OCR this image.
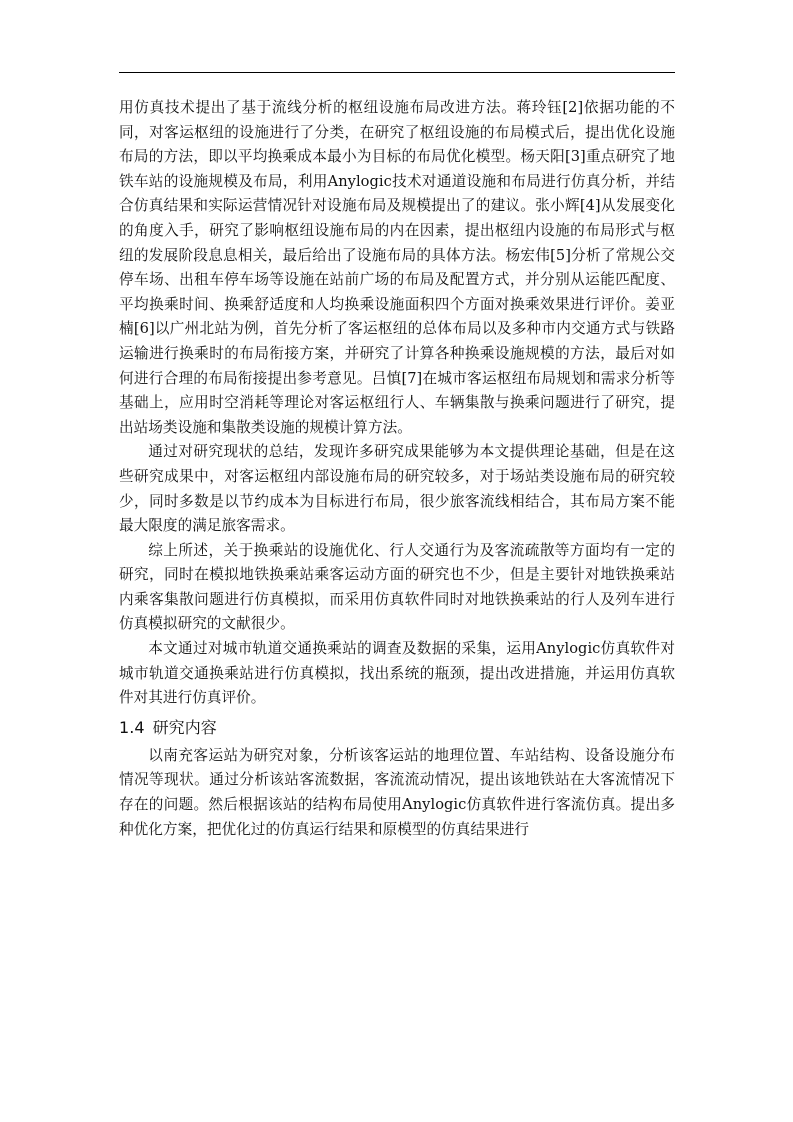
用仿真技术提出了基于流线分析的枢纽设施布局改进方法。蒋玲钰[2]依据功能的不同，对客运枢纽的设施进行了分类，在研究了枢纽设施的布局模式后，提出优化设施布局的方法，即以平均换乘成本最小为目标的布局优化模型。杨天阳[3]重点研究了地铁车站的设施规模及布局，利用Anylogic技术对通道设施和布局进行仿真分析，并结合仿真结果和实际运营情况针对设施布局及规模提出了的建议。张小辉[4]从发展变化的角度入手，研究了影响枢纽设施布局的内在因素，提出枢纽内设施的布局形式与枢纽的发展阶段息息相关，最后给出了设施布局的具体方法。杨宏伟[5]分析了常规公交停车场、出租车停车场等设施在站前广场的布局及配置方式，并分别从运能匹配度、平均换乘时间、换乘舒适度和人均换乘设施面积四个方面对换乘效果进行评价。姜亚楠[6]以广州北站为例，首先分析了客运枢纽的总体布局以及多种市内交通方式与铁路运输进行换乘时的布局衔接方案，并研究了计算各种换乘设施规模的方法，最后对如何进行合理的布局衔接提出参考意见。吕慎[7]在城市客运枢纽布局规划和需求分析等基础上，应用时空消耗等理论对客运枢纽行人、车辆集散与换乘问题进行了研究，提出站场类设施和集散类设施的规模计算方法。

通过对研究现状的总结，发现许多研究成果能够为本文提供理论基础，但是在这些研究成果中，对客运枢纽内部设施布局的研究较多，对于场站类设施布局的研究较少，同时多数是以节约成本为目标进行布局，很少旅客流线相结合，其布局方案不能最大限度的满足旅客需求。

综上所述，关于换乘站的设施优化、行人交通行为及客流疏散等方面均有一定的研究，同时在模拟地铁换乘站乘客运动方面的研究也不少，但是主要针对地铁换乘站内乘客集散问题进行仿真模拟，而采用仿真软件同时对地铁换乘站的行人及列车进行仿真模拟研究的文献很少。

本文通过对城市轨道交通换乘站的调查及数据的采集，运用Anylogic仿真软件对城市轨道交通换乘站进行仿真模拟，找出系统的瓶颈，提出改进措施，并运用仿真软件对其进行仿真评价。

1.4 研究内容

以南充客运站为研究对象，分析该客运站的地理位置、车站结构、设备设施分布情况等现状。通过分析该站客流数据，客流流动情况，提出该地铁站在大客流情况下存在的问题。然后根据该站的结构布局使用Anylogic仿真软件进行客流仿真。提出多种优化方案，把优化过的仿真运行结果和原模型的仿真结果进行
